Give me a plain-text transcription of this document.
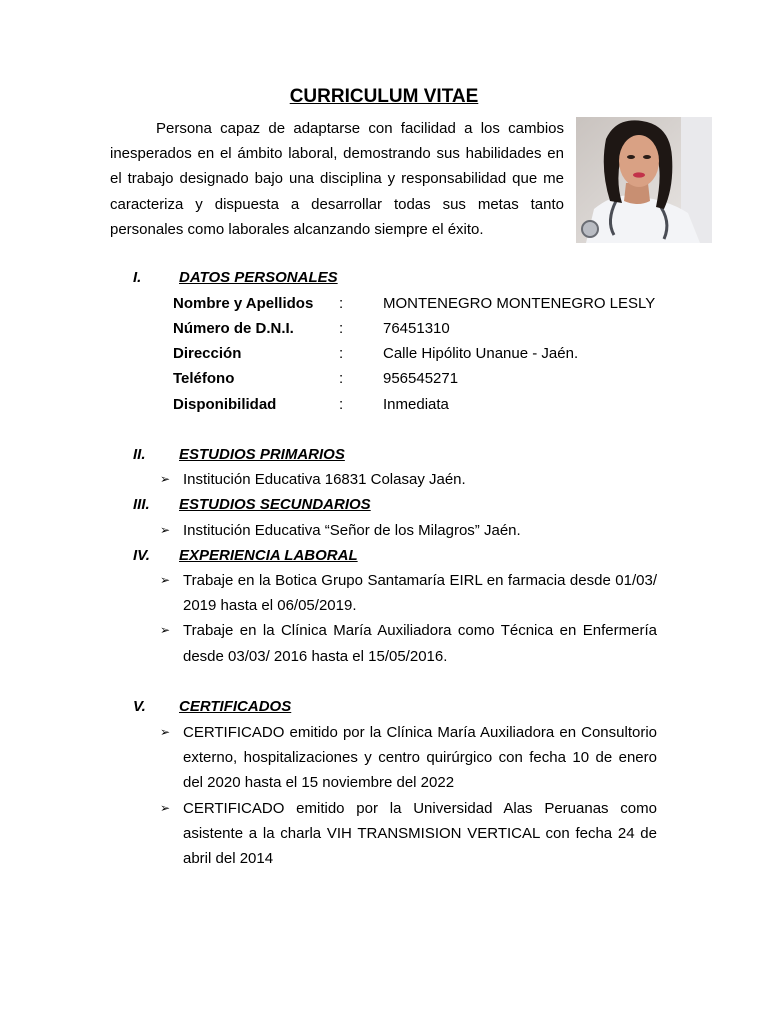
CURRICULUM VITAE

Persona capaz de adaptarse con facilidad a los cambios inesperados en el ámbito laboral, demostrando sus habilidades en el trabajo designado bajo una disciplina y responsabilidad que me caracteriza y dispuesta a desarrollar todas sus metas tanto personales como laborales alcanzando siempre el éxito.

I.	DATOS PERSONALES
Nombre y Apellidos :	MONTENEGRO MONTENEGRO LESLY
Número de D.N.I.	:	76451310
Dirección	:	Calle Hipólito Unanue - Jaén.
Teléfono	:	956545271
Disponibilidad	:	Inmediata
II. ESTUDIOS PRIMARIOS
➢ Institución Educativa 16831 Colasay Jaén.
III. ESTUDIOS SECUNDARIOS
➢ Institución Educativa “Señor de los Milagros” Jaén.
IV. EXPERIENCIA LABORAL
➢ Trabaje en la Botica Grupo Santamaría EIRL en farmacia desde 01/03/ 2019 hasta el 06/05/2019.
➢ Trabaje en la Clínica María Auxiliadora como Técnica en Enfermería desde 03/03/ 2016 hasta el 15/05/2016.
V. CERTIFICADOS
➢ CERTIFICADO emitido por la Clínica María Auxiliadora en Consultorio externo, hospitalizaciones y centro quirúrgico con fecha 10 de enero del 2020 hasta el 15 noviembre del 2022
➢ CERTIFICADO emitido por la Universidad Alas Peruanas como asistente a la charla VIH TRANSMISION VERTICAL con fecha 24 de abril del 2014
